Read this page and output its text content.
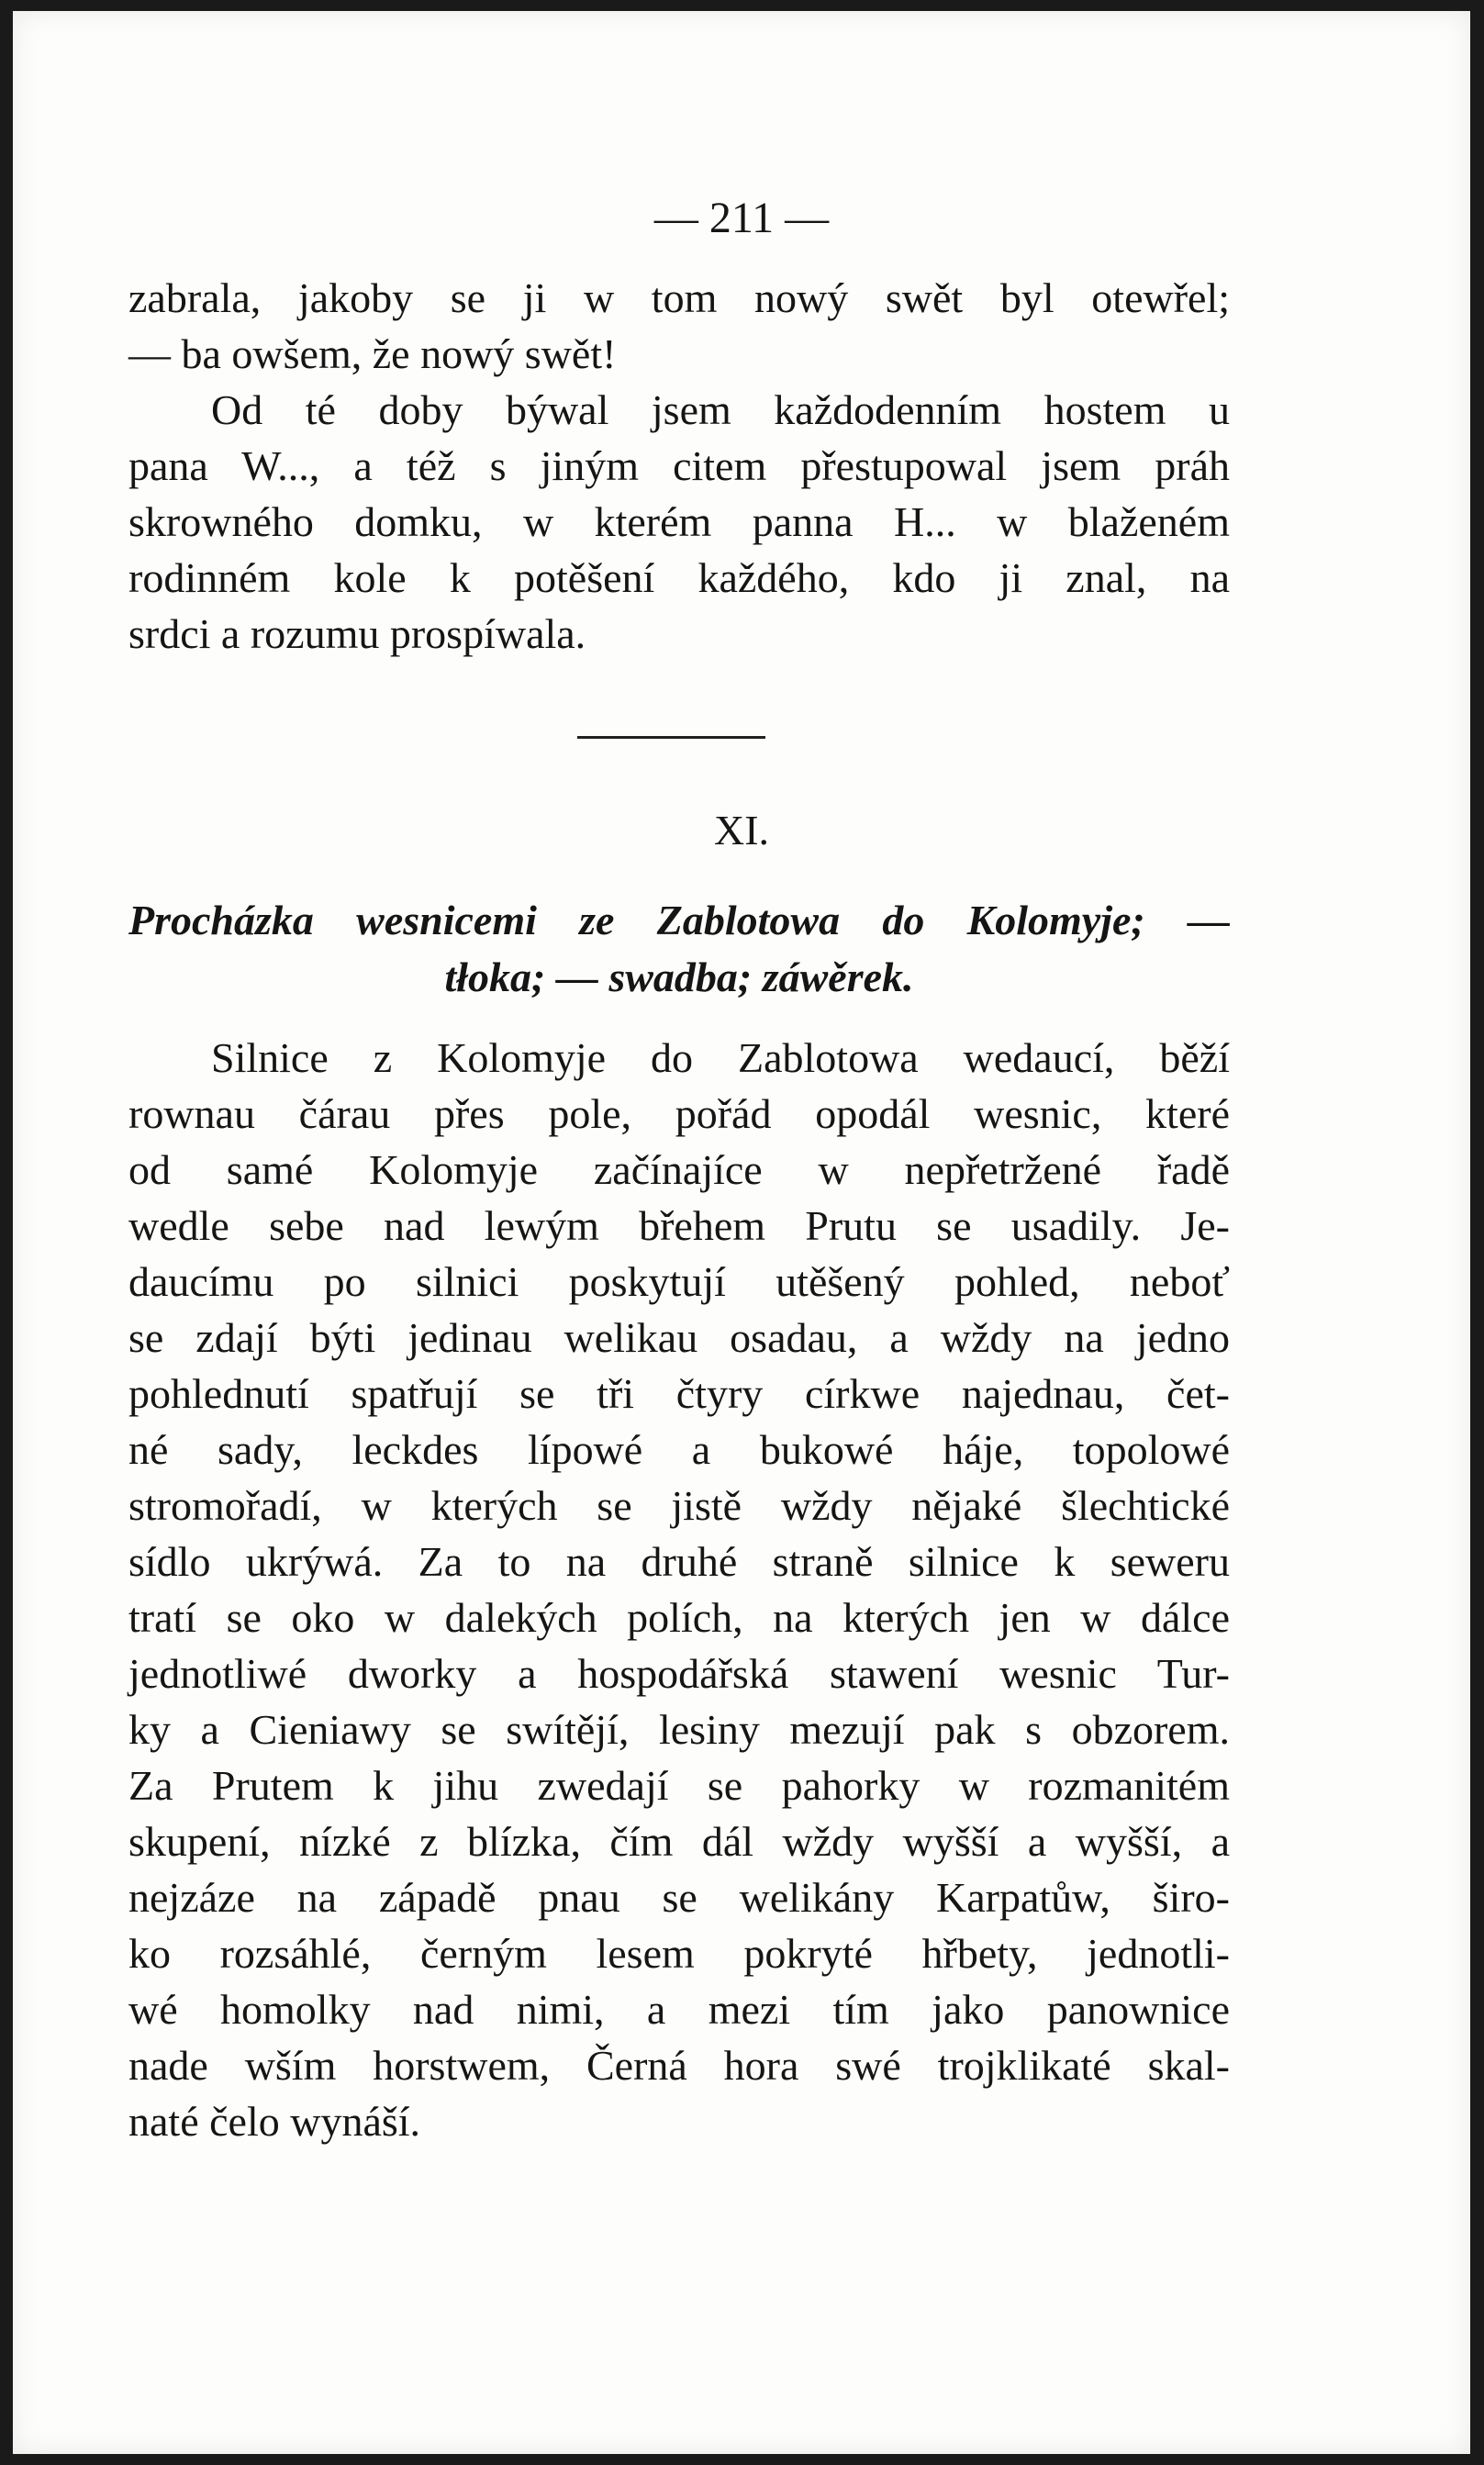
— 211 —
zabrala, jakoby se ji w tom nowý swět byl otewřel;
— ba owšem, že nowý swět!
Od té doby býwal jsem každodenním hostem u
pana W..., a též s jiným citem přestupowal jsem práh
skrowného domku, w kterém panna H... w blaženém
rodinném kole k potěšení každého, kdo ji znal, na
srdci a rozumu prospíwala.
XI.
Procházka wesnicemi ze Zablotowa do Kolomyje; —
tłoka; — swadba; záwěrek.
Silnice z Kolomyje do Zablotowa wedaucí, běží
rownau čárau přes pole, pořád opodál wesnic, které
od samé Kolomyje začínajíce w nepřetržené řadě
wedle sebe nad lewým břehem Prutu se usadily. Je-
daucímu po silnici poskytují utěšený pohled, neboť
se zdají býti jedinau welikau osadau, a wždy na jedno
pohlednutí spatřují se tři čtyry církwe najednau, čet-
né sady, leckdes lípowé a bukowé háje, topolowé
stromořadí, w kterých se jistě wždy nějaké šlechtické
sídlo ukrýwá. Za to na druhé straně silnice k seweru
tratí se oko w dalekých polích, na kterých jen w dálce
jednotliwé dworky a hospodářská stawení wesnic Tur-
ky a Cieniawy se swítějí, lesiny mezují pak s obzorem.
Za Prutem k jihu zwedají se pahorky w rozmanitém
skupení, nízké z blízka, čím dál wždy wyšší a wyšší, a
nejzáze na západě pnau se welikány Karpatůw, širo-
ko rozsáhlé, černým lesem pokryté hřbety, jednotli-
wé homolky nad nimi, a mezi tím jako panownice
nade wším horstwem, Černá hora swé trojklikaté skal-
naté čelo wynáší.
